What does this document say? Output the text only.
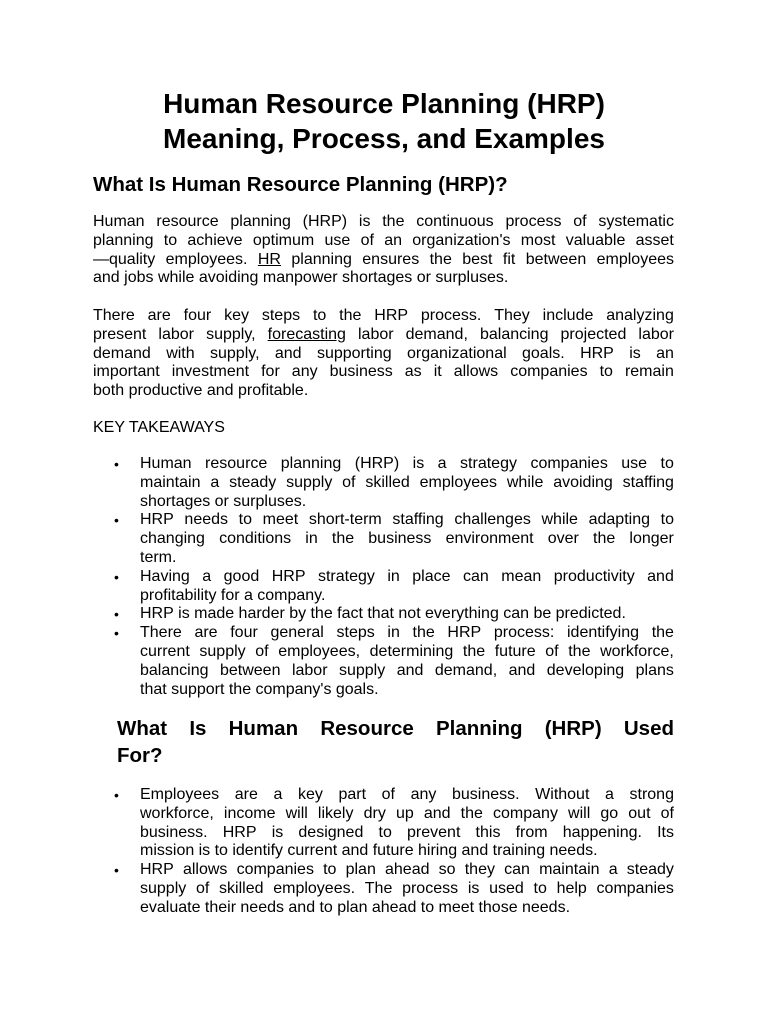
Human Resource Planning (HRP)
Meaning, Process, and Examples
What Is Human Resource Planning (HRP)?

Human resource planning (HRP) is the continuous process of systematic
planning to achieve optimum use of an organization's most valuable asset
—quality employees. HR planning ensures the best fit between employees
and jobs while avoiding manpower shortages or surpluses.

There are four key steps to the HRP process. They include analyzing
present labor supply, forecasting labor demand, balancing projected labor
demand with supply, and supporting organizational goals. HRP is an
important investment for any business as it allows companies to remain
both productive and profitable.

KEY TAKEAWAYS

• Human resource planning (HRP) is a strategy companies use to
maintain a steady supply of skilled employees while avoiding staffing
shortages or surpluses.
• HRP needs to meet short-term staffing challenges while adapting to
changing conditions in the business environment over the longer
term.
• Having a good HRP strategy in place can mean productivity and
profitability for a company.
• HRP is made harder by the fact that not everything can be predicted.
• There are four general steps in the HRP process: identifying the
current supply of employees, determining the future of the workforce,
balancing between labor supply and demand, and developing plans
that support the company's goals.
What Is Human Resource Planning (HRP) Used
For?
• Employees are a key part of any business. Without a strong
workforce, income will likely dry up and the company will go out of
business. HRP is designed to prevent this from happening. Its
mission is to identify current and future hiring and training needs.
• HRP allows companies to plan ahead so they can maintain a steady
supply of skilled employees. The process is used to help companies
evaluate their needs and to plan ahead to meet those needs.
